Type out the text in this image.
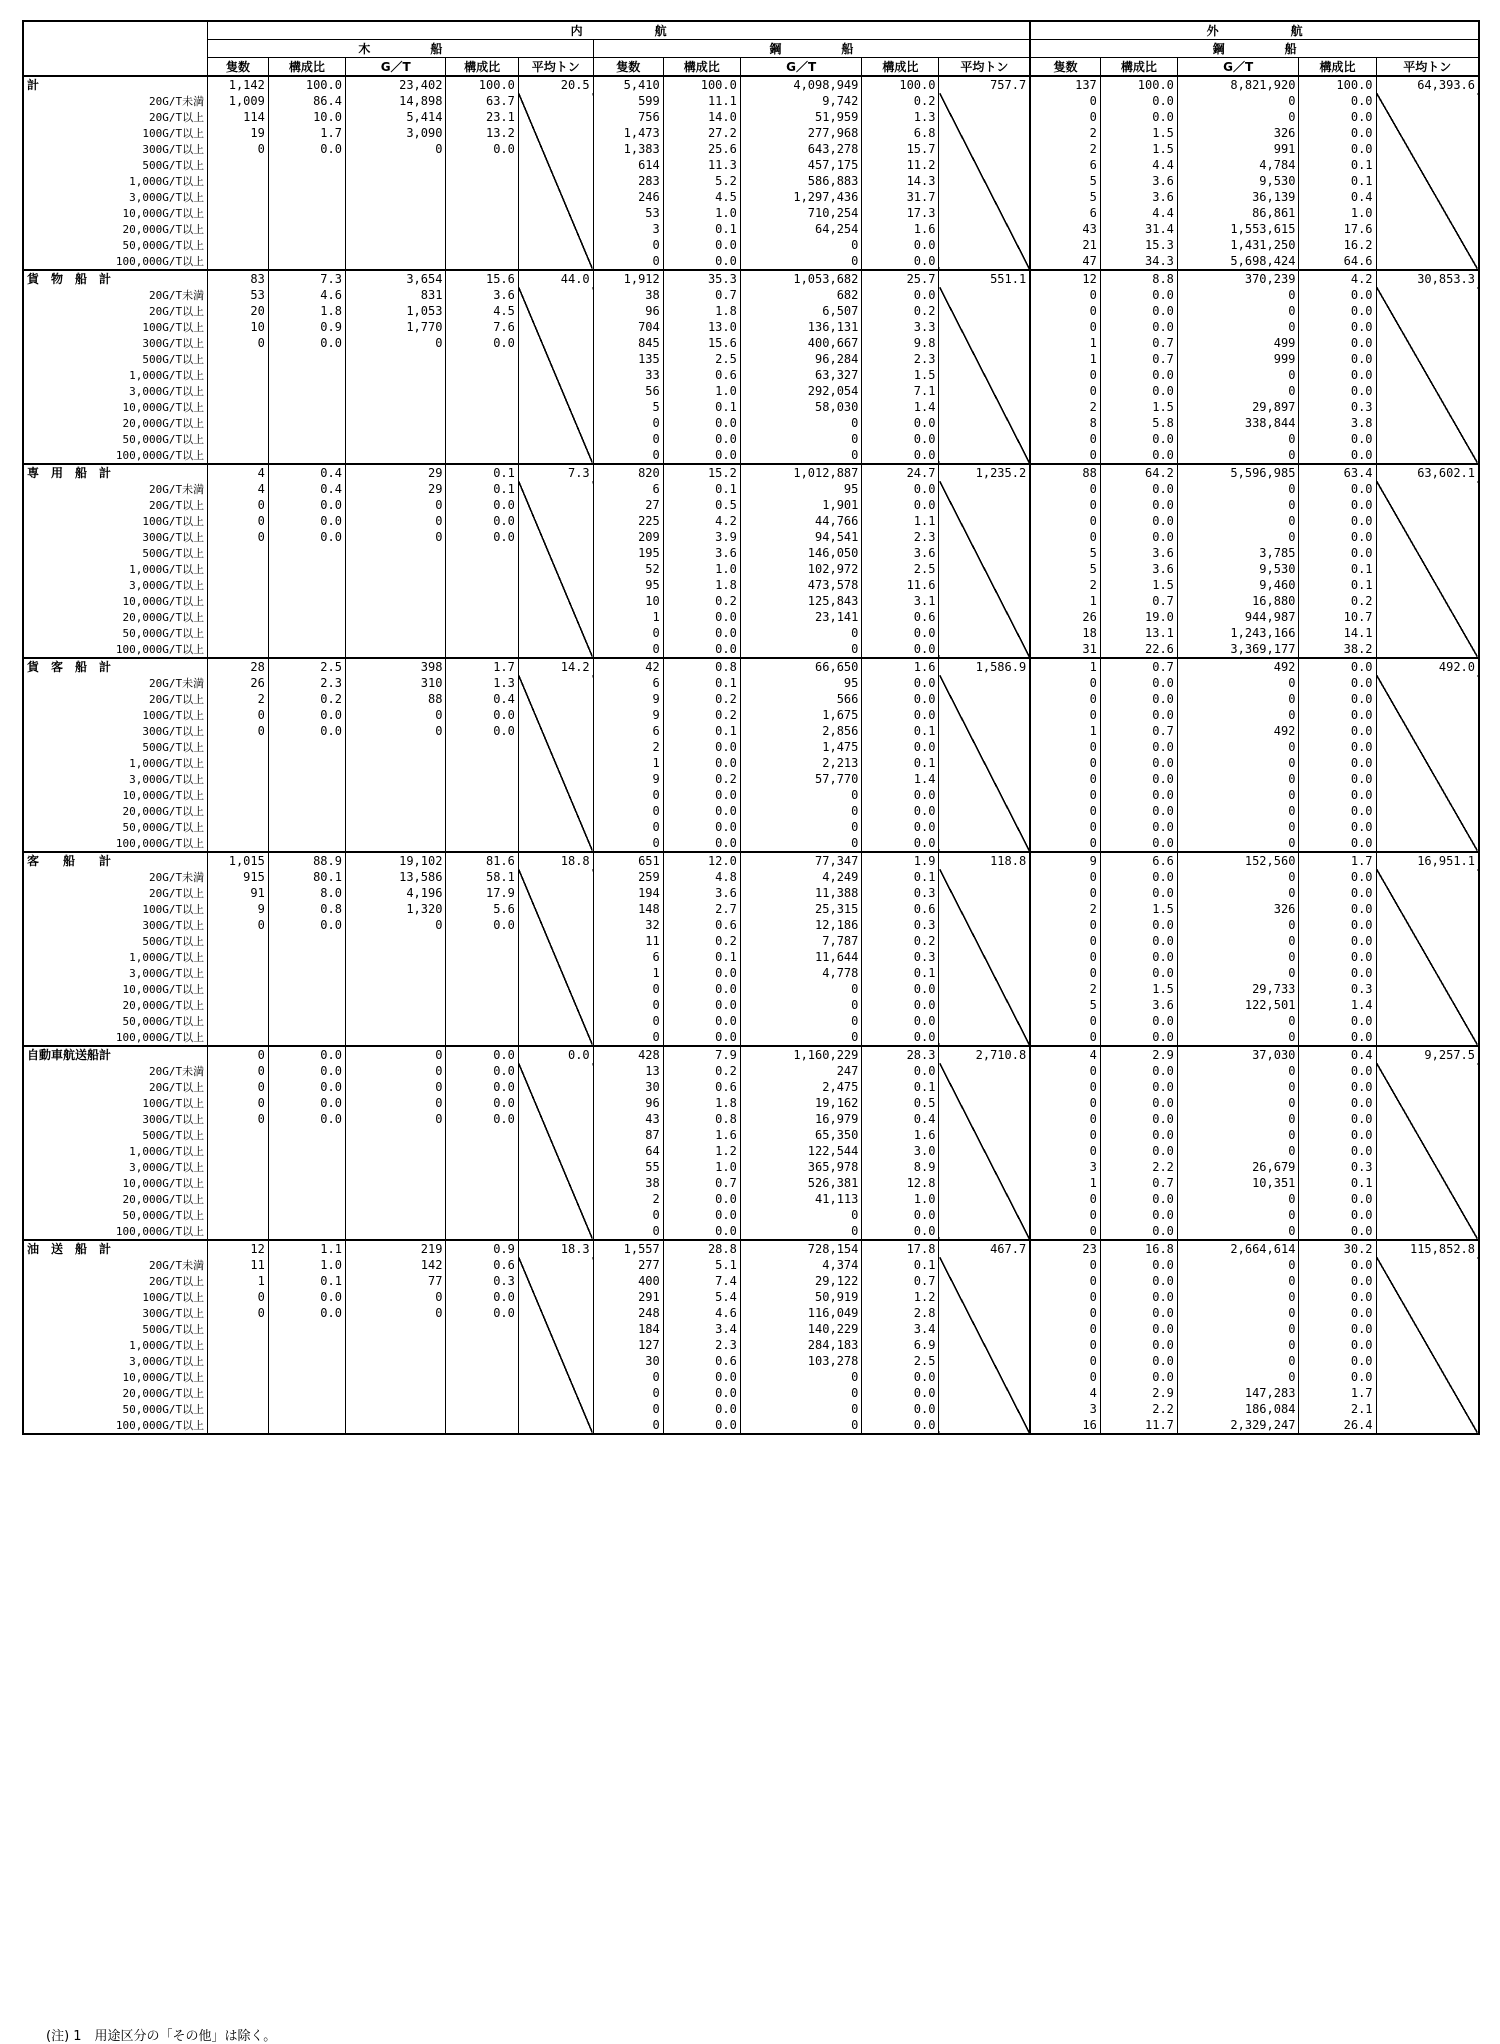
	内　　　　　　航										外　　　　　　航				
	木　　　　　船					鋼　　　　　船					鋼　　　　　船				
	隻数	構成比	G／T	構成比	平均トン	隻数	構成比	G／T	構成比	平均トン	隻数	構成比	G／T	構成比	平均トン
計	1,142	100.0	23,402	100.0	20.5	5,410	100.0	4,098,949	100.0	757.7	137	100.0	8,821,920	100.0	64,393.6
20G/T未満	1,009	86.4	14,898	63.7		599	11.1	9,742	0.2		0	0.0	0	0.0	
20G/T以上	114	10.0	5,414	23.1		756	14.0	51,959	1.3		0	0.0	0	0.0	
100G/T以上	19	1.7	3,090	13.2		1,473	27.2	277,968	6.8		2	1.5	326	0.0	
300G/T以上	0	0.0	0	0.0		1,383	25.6	643,278	15.7		2	1.5	991	0.0	
500G/T以上						614	11.3	457,175	11.2		6	4.4	4,784	0.1	
1,000G/T以上						283	5.2	586,883	14.3		5	3.6	9,530	0.1	
3,000G/T以上						246	4.5	1,297,436	31.7		5	3.6	36,139	0.4	
10,000G/T以上						53	1.0	710,254	17.3		6	4.4	86,861	1.0	
20,000G/T以上						3	0.1	64,254	1.6		43	31.4	1,553,615	17.6	
50,000G/T以上						0	0.0	0	0.0		21	15.3	1,431,250	16.2	
100,000G/T以上						0	0.0	0	0.0		47	34.3	5,698,424	64.6	
貨　物　船　計	83	7.3	3,654	15.6	44.0	1,912	35.3	1,053,682	25.7	551.1	12	8.8	370,239	4.2	30,853.3
20G/T未満	53	4.6	831	3.6		38	0.7	682	0.0		0	0.0	0	0.0	
20G/T以上	20	1.8	1,053	4.5		96	1.8	6,507	0.2		0	0.0	0	0.0	
100G/T以上	10	0.9	1,770	7.6		704	13.0	136,131	3.3		0	0.0	0	0.0	
300G/T以上	0	0.0	0	0.0		845	15.6	400,667	9.8		1	0.7	499	0.0	
500G/T以上						135	2.5	96,284	2.3		1	0.7	999	0.0	
1,000G/T以上						33	0.6	63,327	1.5		0	0.0	0	0.0	
3,000G/T以上						56	1.0	292,054	7.1		0	0.0	0	0.0	
10,000G/T以上						5	0.1	58,030	1.4		2	1.5	29,897	0.3	
20,000G/T以上						0	0.0	0	0.0		8	5.8	338,844	3.8	
50,000G/T以上						0	0.0	0	0.0		0	0.0	0	0.0	
100,000G/T以上						0	0.0	0	0.0		0	0.0	0	0.0	
専　用　船　計	4	0.4	29	0.1	7.3	820	15.2	1,012,887	24.7	1,235.2	88	64.2	5,596,985	63.4	63,602.1
20G/T未満	4	0.4	29	0.1		6	0.1	95	0.0		0	0.0	0	0.0	
20G/T以上	0	0.0	0	0.0		27	0.5	1,901	0.0		0	0.0	0	0.0	
100G/T以上	0	0.0	0	0.0		225	4.2	44,766	1.1		0	0.0	0	0.0	
300G/T以上	0	0.0	0	0.0		209	3.9	94,541	2.3		0	0.0	0	0.0	
500G/T以上						195	3.6	146,050	3.6		5	3.6	3,785	0.0	
1,000G/T以上						52	1.0	102,972	2.5		5	3.6	9,530	0.1	
3,000G/T以上						95	1.8	473,578	11.6		2	1.5	9,460	0.1	
10,000G/T以上						10	0.2	125,843	3.1		1	0.7	16,880	0.2	
20,000G/T以上						1	0.0	23,141	0.6		26	19.0	944,987	10.7	
50,000G/T以上						0	0.0	0	0.0		18	13.1	1,243,166	14.1	
100,000G/T以上						0	0.0	0	0.0		31	22.6	3,369,177	38.2	
貨　客　船　計	28	2.5	398	1.7	14.2	42	0.8	66,650	1.6	1,586.9	1	0.7	492	0.0	492.0
20G/T未満	26	2.3	310	1.3		6	0.1	95	0.0		0	0.0	0	0.0	
20G/T以上	2	0.2	88	0.4		9	0.2	566	0.0		0	0.0	0	0.0	
100G/T以上	0	0.0	0	0.0		9	0.2	1,675	0.0		0	0.0	0	0.0	
300G/T以上	0	0.0	0	0.0		6	0.1	2,856	0.1		1	0.7	492	0.0	
500G/T以上						2	0.0	1,475	0.0		0	0.0	0	0.0	
1,000G/T以上						1	0.0	2,213	0.1		0	0.0	0	0.0	
3,000G/T以上						9	0.2	57,770	1.4		0	0.0	0	0.0	
10,000G/T以上						0	0.0	0	0.0		0	0.0	0	0.0	
20,000G/T以上						0	0.0	0	0.0		0	0.0	0	0.0	
50,000G/T以上						0	0.0	0	0.0		0	0.0	0	0.0	
100,000G/T以上						0	0.0	0	0.0		0	0.0	0	0.0	
客　　船　　計	1,015	88.9	19,102	81.6	18.8	651	12.0	77,347	1.9	118.8	9	6.6	152,560	1.7	16,951.1
20G/T未満	915	80.1	13,586	58.1		259	4.8	4,249	0.1		0	0.0	0	0.0	
20G/T以上	91	8.0	4,196	17.9		194	3.6	11,388	0.3		0	0.0	0	0.0	
100G/T以上	9	0.8	1,320	5.6		148	2.7	25,315	0.6		2	1.5	326	0.0	
300G/T以上	0	0.0	0	0.0		32	0.6	12,186	0.3		0	0.0	0	0.0	
500G/T以上						11	0.2	7,787	0.2		0	0.0	0	0.0	
1,000G/T以上						6	0.1	11,644	0.3		0	0.0	0	0.0	
3,000G/T以上						1	0.0	4,778	0.1		0	0.0	0	0.0	
10,000G/T以上						0	0.0	0	0.0		2	1.5	29,733	0.3	
20,000G/T以上						0	0.0	0	0.0		5	3.6	122,501	1.4	
50,000G/T以上						0	0.0	0	0.0		0	0.0	0	0.0	
100,000G/T以上						0	0.0	0	0.0		0	0.0	0	0.0	
自動車航送船計	0	0.0	0	0.0	0.0	428	7.9	1,160,229	28.3	2,710.8	4	2.9	37,030	0.4	9,257.5
20G/T未満	0	0.0	0	0.0		13	0.2	247	0.0		0	0.0	0	0.0	
20G/T以上	0	0.0	0	0.0		30	0.6	2,475	0.1		0	0.0	0	0.0	
100G/T以上	0	0.0	0	0.0		96	1.8	19,162	0.5		0	0.0	0	0.0	
300G/T以上	0	0.0	0	0.0		43	0.8	16,979	0.4		0	0.0	0	0.0	
500G/T以上						87	1.6	65,350	1.6		0	0.0	0	0.0	
1,000G/T以上						64	1.2	122,544	3.0		0	0.0	0	0.0	
3,000G/T以上						55	1.0	365,978	8.9		3	2.2	26,679	0.3	
10,000G/T以上						38	0.7	526,381	12.8		1	0.7	10,351	0.1	
20,000G/T以上						2	0.0	41,113	1.0		0	0.0	0	0.0	
50,000G/T以上						0	0.0	0	0.0		0	0.0	0	0.0	
100,000G/T以上						0	0.0	0	0.0		0	0.0	0	0.0	
油　送　船　計	12	1.1	219	0.9	18.3	1,557	28.8	728,154	17.8	467.7	23	16.8	2,664,614	30.2	115,852.8
20G/T未満	11	1.0	142	0.6		277	5.1	4,374	0.1		0	0.0	0	0.0	
20G/T以上	1	0.1	77	0.3		400	7.4	29,122	0.7		0	0.0	0	0.0	
100G/T以上	0	0.0	0	0.0		291	5.4	50,919	1.2		0	0.0	0	0.0	
300G/T以上	0	0.0	0	0.0		248	4.6	116,049	2.8		0	0.0	0	0.0	
500G/T以上						184	3.4	140,229	3.4		0	0.0	0	0.0	
1,000G/T以上						127	2.3	284,183	6.9		0	0.0	0	0.0	
3,000G/T以上						30	0.6	103,278	2.5		0	0.0	0	0.0	
10,000G/T以上						0	0.0	0	0.0		0	0.0	0	0.0	
20,000G/T以上						0	0.0	0	0.0		4	2.9	147,283	1.7	
50,000G/T以上						0	0.0	0	0.0		3	2.2	186,084	2.1	
100,000G/T以上						0	0.0	0	0.0		16	11.7	2,329,247	26.4	
(注) 1　用途区分の「その他」は除く。
